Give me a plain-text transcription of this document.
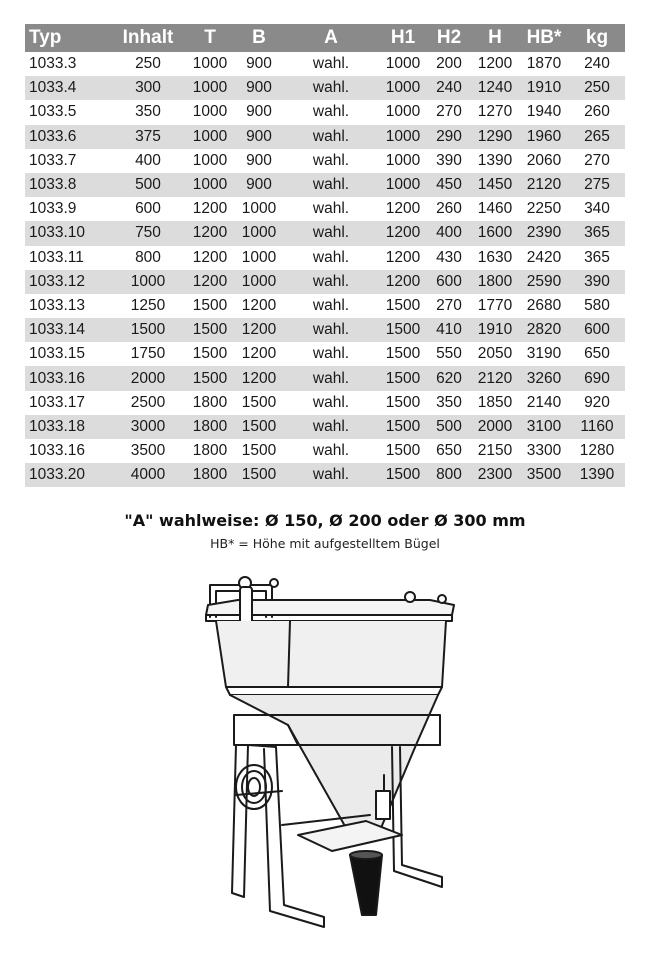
Typ	Inhalt	T	B	A	H1	H2	H	HB*	kg
1033.3	250	1000	900	wahl.	1000	200	1200	1870	240
1033.4	300	1000	900	wahl.	1000	240	1240	1910	250
1033.5	350	1000	900	wahl.	1000	270	1270	1940	260
1033.6	375	1000	900	wahl.	1000	290	1290	1960	265
1033.7	400	1000	900	wahl.	1000	390	1390	2060	270
1033.8	500	1000	900	wahl.	1000	450	1450	2120	275
1033.9	600	1200	1000	wahl.	1200	260	1460	2250	340
1033.10	750	1200	1000	wahl.	1200	400	1600	2390	365
1033.11	800	1200	1000	wahl.	1200	430	1630	2420	365
1033.12	1000	1200	1000	wahl.	1200	600	1800	2590	390
1033.13	1250	1500	1200	wahl.	1500	270	1770	2680	580
1033.14	1500	1500	1200	wahl.	1500	410	1910	2820	600
1033.15	1750	1500	1200	wahl.	1500	550	2050	3190	650
1033.16	2000	1500	1200	wahl.	1500	620	2120	3260	690
1033.17	2500	1800	1500	wahl.	1500	350	1850	2140	920
1033.18	3000	1800	1500	wahl.	1500	500	2000	3100	1160
1033.16	3500	1800	1500	wahl.	1500	650	2150	3300	1280
1033.20	4000	1800	1500	wahl.	1500	800	2300	3500	1390
"A" wahlweise: Ø 150, Ø 200 oder Ø 300 mm
HB* = Höhe mit aufgestelltem Bügel
